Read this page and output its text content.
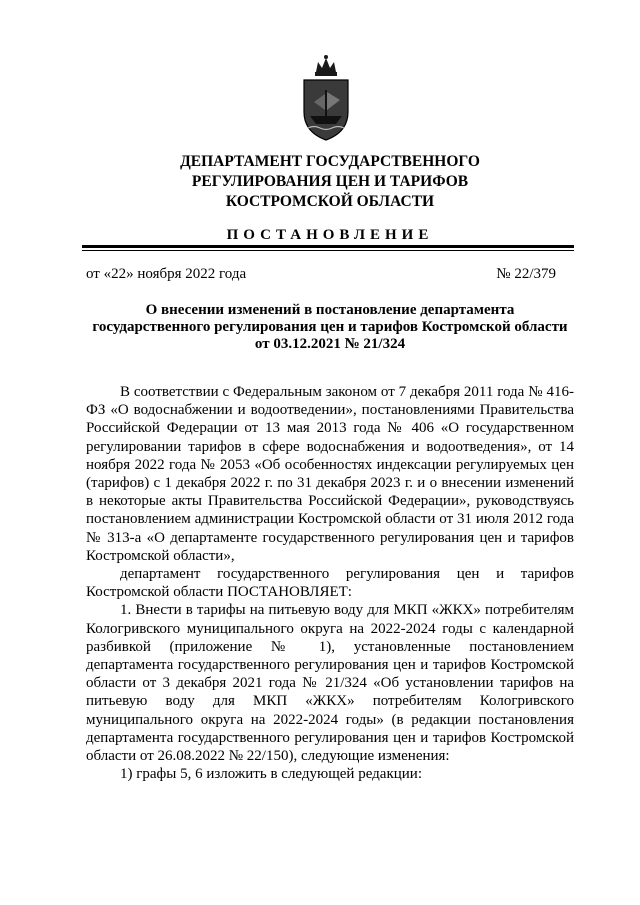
ДЕПАРТАМЕНТ ГОСУДАРСТВЕННОГО
РЕГУЛИРОВАНИЯ ЦЕН И ТАРИФОВ
КОСТРОМСКОЙ ОБЛАСТИ
ПОСТАНОВЛЕНИЕ
от «22» ноября 2022 года	№ 22/379
О внесении изменений в постановление департамента
государственного регулирования цен и тарифов Костромской области
от 03.12.2021 № 21/324

В соответствии с Федеральным законом от 7 декабря 2011 года № 416-ФЗ «О водоснабжении и водоотведении», постановлениями Правительства Российской Федерации от 13 мая 2013 года № 406 «О государственном регулировании тарифов в сфере водоснабжения и водоотведения», от 14 ноября 2022 года № 2053 «Об особенностях индексации регулируемых цен (тарифов) с 1 декабря 2022 г. по 31 декабря 2023 г. и о внесении изменений в некоторые акты Правительства Российской Федерации», руководствуясь постановлением администрации Костромской области от 31 июля 2012 года № 313-а «О департаменте государственного регулирования цен и тарифов Костромской области»,

департамент государственного регулирования цен и тарифов Костромской области ПОСТАНОВЛЯЕТ:

1. Внести в тарифы на питьевую воду для МКП «ЖКХ» потребителям Кологривского муниципального округа на 2022-2024 годы с календарной разбивкой (приложение № 1), установленные постановлением департамента государственного регулирования цен и тарифов Костромской области от 3 декабря 2021 года № 21/324 «Об установлении тарифов на питьевую воду для МКП «ЖКХ» потребителям Кологривского муниципального округа на 2022-2024 годы» (в редакции постановления департамента государственного регулирования цен и тарифов Костромской области от 26.08.2022 № 22/150), следующие изменения:

1) графы 5, 6 изложить в следующей редакции:
